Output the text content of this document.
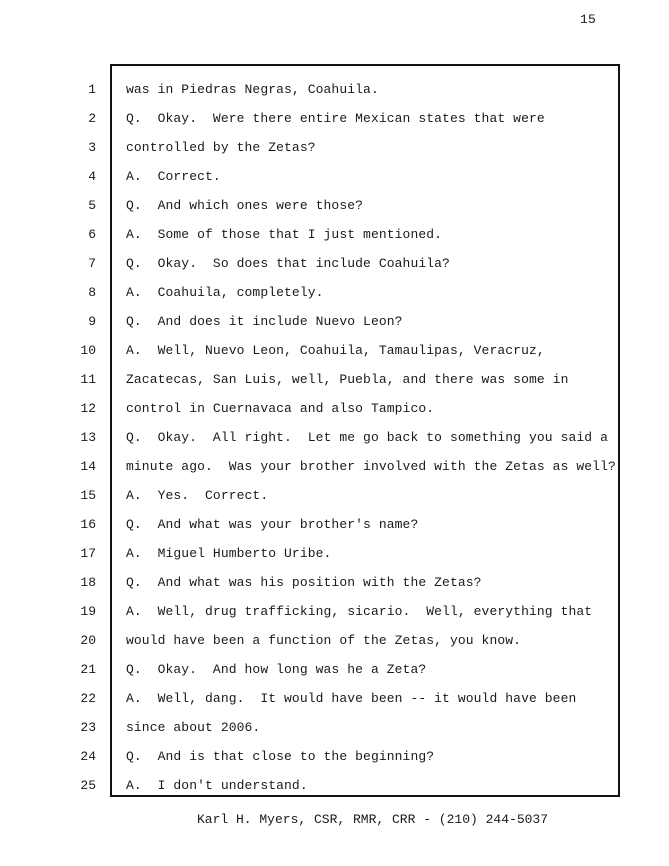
15
1 was in Piedras Negras, Coahuila.
2 Q.  Okay.  Were there entire Mexican states that were
3 controlled by the Zetas?
4 A.  Correct.
5 Q.  And which ones were those?
6 A.  Some of those that I just mentioned.
7 Q.  Okay.  So does that include Coahuila?
8 A.  Coahuila, completely.
9 Q.  And does it include Nuevo Leon?
10 A.  Well, Nuevo Leon, Coahuila, Tamaulipas, Veracruz,
11 Zacatecas, San Luis, well, Puebla, and there was some in
12 control in Cuernavaca and also Tampico.
13 Q.  Okay.  All right.  Let me go back to something you said a
14 minute ago.  Was your brother involved with the Zetas as well?
15 A.  Yes.  Correct.
16 Q.  And what was your brother's name?
17 A.  Miguel Humberto Uribe.
18 Q.  And what was his position with the Zetas?
19 A.  Well, drug trafficking, sicario.  Well, everything that
20 would have been a function of the Zetas, you know.
21 Q.  Okay.  And how long was he a Zeta?
22 A.  Well, dang.  It would have been -- it would have been
23 since about 2006.
24 Q.  And is that close to the beginning?
25 A.  I don't understand.
Karl H. Myers, CSR, RMR, CRR - (210) 244-5037
